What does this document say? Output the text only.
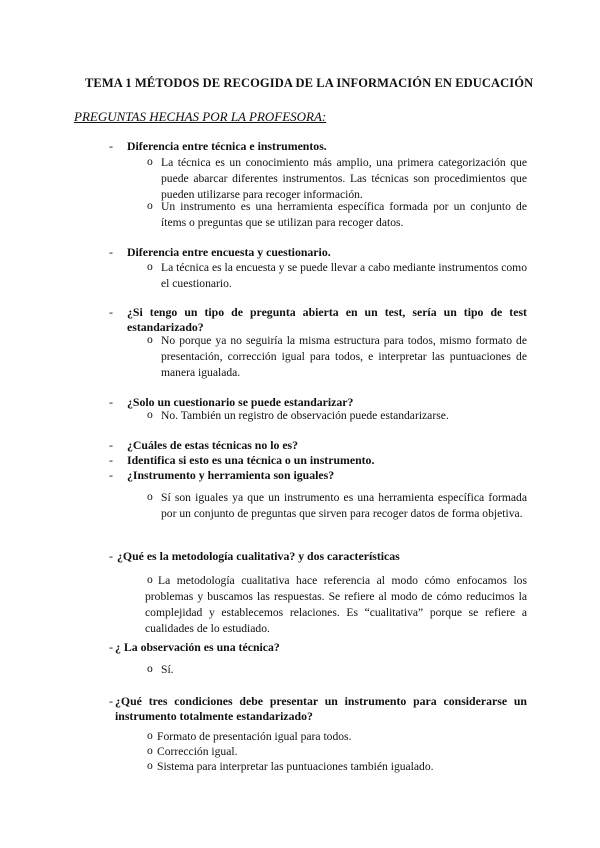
TEMA 1 MÉTODOS DE RECOGIDA DE LA INFORMACIÓN EN EDUCACIÓN
PREGUNTAS HECHAS POR LA PROFESORA:
- Diferencia entre técnica e instrumentos.
o La técnica es un conocimiento más amplio, una primera categorización que puede abarcar diferentes instrumentos. Las técnicas son procedimientos que pueden utilizarse para recoger información.
o Un instrumento es una herramienta específica formada por un conjunto de ítems o preguntas que se utilizan para recoger datos.
- Diferencia entre encuesta y cuestionario.
o La técnica es la encuesta y se puede llevar a cabo mediante instrumentos como el cuestionario.
- ¿Si tengo un tipo de pregunta abierta en un test, sería un tipo de test estandarizado?
o No porque ya no seguiría la misma estructura para todos, mismo formato de presentación, corrección igual para todos, e interpretar las puntuaciones de manera igualada.
- ¿Solo un cuestionario se puede estandarizar?
o No. También un registro de observación puede estandarizarse.
- ¿Cuáles de estas técnicas no lo es?
- Identifica si esto es una técnica o un instrumento.
- ¿Instrumento y herramienta son iguales?
o Sí son iguales ya que un instrumento es una herramienta específica formada por un conjunto de preguntas que sirven para recoger datos de forma objetiva.
- ¿Qué es la metodología cualitativa? y dos características
o La metodología cualitativa hace referencia al modo cómo enfocamos los problemas y buscamos las respuestas. Se refiere al modo de cómo reducimos la complejidad y establecemos relaciones. Es “cualitativa” porque se refiere a cualidades de lo estudiado.
- ¿ La observación es una técnica?
o Sí.
- ¿Qué tres condiciones debe presentar un instrumento para considerarse un instrumento totalmente estandarizado?
o Formato de presentación igual para todos.
o Corrección igual.
o Sistema para interpretar las puntuaciones también igualado.
